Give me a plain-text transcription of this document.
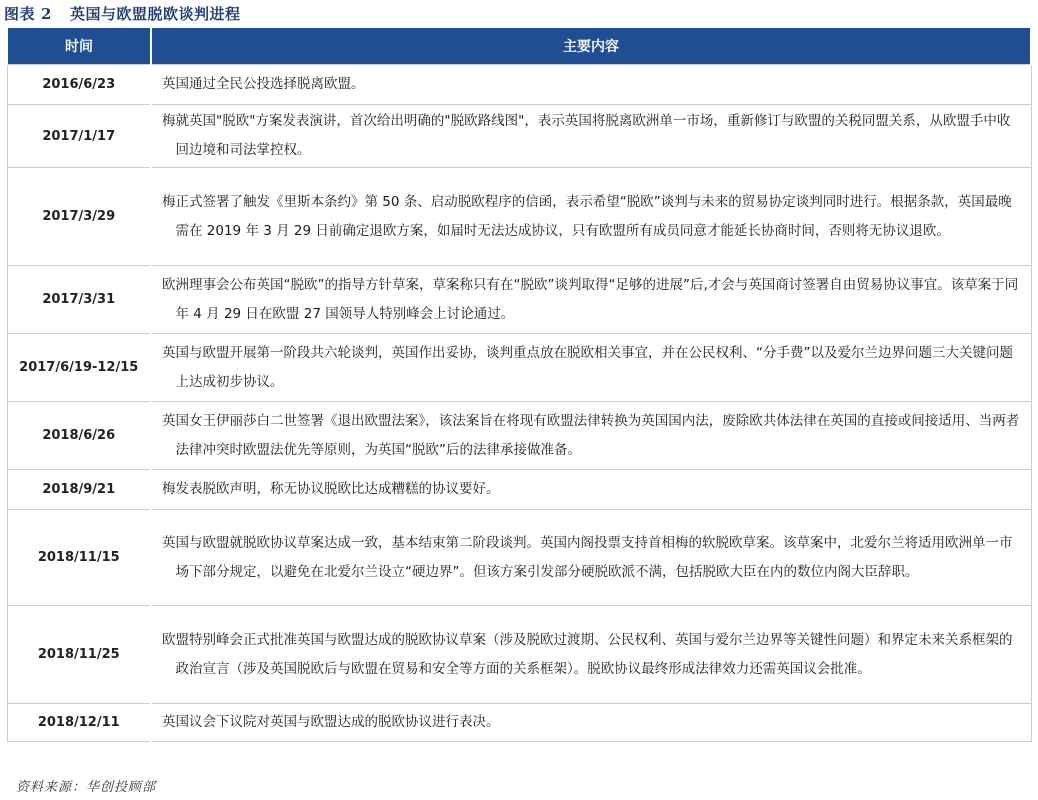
图表 2 英国与欧盟脱欧谈判进程
时间	主要内容
2016/6/23	英国通过全民公投选择脱离欧盟。

2017/1/17	梅就英国"脱欧"方案发表演讲，首次给出明确的"脱欧路线图"，表示英国将脱离欧洲单一市场，重新修订与欧盟的关税同盟关系，从欧盟手中收回边境和司法掌控权。

2017/3/29	梅正式签署了触发《里斯本条约》第 50 条、启动脱欧程序的信函，表示希望“脱欧”谈判与未来的贸易协定谈判同时进行。根据条款，英国最晚需在 2019 年 3 月 29 日前确定退欧方案，如届时无法达成协议，只有欧盟所有成员同意才能延长协商时间，否则将无协议退欧。

2017/3/31	欧洲理事会公布英国“脱欧”的指导方针草案，草案称只有在“脱欧”谈判取得“足够的进展”后,才会与英国商讨签署自由贸易协议事宜。该草案于同年 4 月 29 日在欧盟 27 国领导人特别峰会上讨论通过。

2017/6/19-12/15	英国与欧盟开展第一阶段共六轮谈判，英国作出妥协，谈判重点放在脱欧相关事宜，并在公民权利、“分手费”以及爱尔兰边界问题三大关键问题上达成初步协议。

2018/6/26	英国女王伊丽莎白二世签署《退出欧盟法案》，该法案旨在将现有欧盟法律转换为英国国内法，废除欧共体法律在英国的直接或间接适用、当两者法律冲突时欧盟法优先等原则，为英国“脱欧”后的法律承接做准备。

2018/9/21	梅发表脱欧声明，称无协议脱欧比达成糟糕的协议要好。

2018/11/15	英国与欧盟就脱欧协议草案达成一致，基本结束第二阶段谈判。英国内阁投票支持首相梅的软脱欧草案。该草案中，北爱尔兰将适用欧洲单一市场下部分规定，以避免在北爱尔兰设立“硬边界”。但该方案引发部分硬脱欧派不满，包括脱欧大臣在内的数位内阁大臣辞职。

2018/11/25	欧盟特别峰会正式批准英国与欧盟达成的脱欧协议草案（涉及脱欧过渡期、公民权利、英国与爱尔兰边界等关键性问题）和界定未来关系框架的政治宣言（涉及英国脱欧后与欧盟在贸易和安全等方面的关系框架）。脱欧协议最终形成法律效力还需英国议会批准。

2018/12/11	英国议会下议院对英国与欧盟达成的脱欧协议进行表决。
资料来源：华创投顾部
